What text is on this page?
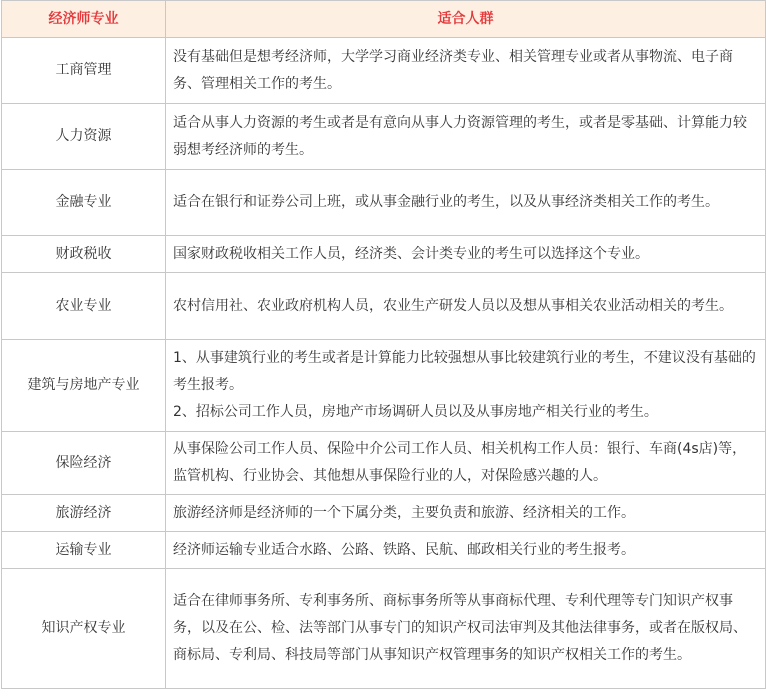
经济师专业	适合人群
工商管理	没有基础但是想考经济师，大学学习商业经济类专业、相关管理专业或者从事物流、电子商务、管理相关工作的考生。

人力资源	适合从事人力资源的考生或者是有意向从事人力资源管理的考生，或者是零基础、计算能力较弱想考经济师的考生。

金融专业	适合在银行和证券公司上班，或从事金融行业的考生，以及从事经济类相关工作的考生。

财政税收	国家财政税收相关工作人员，经济类、会计类专业的考生可以选择这个专业。

农业专业	农村信用社、农业政府机构人员，农业生产研发人员以及想从事相关农业活动相关的考生。

建筑与房地产专业	1、从事建筑行业的考生或者是计算能力比较强想从事比较建筑行业的考生，不建议没有基础的考生报考。
2、招标公司工作人员，房地产市场调研人员以及从事房地产相关行业的考生。

保险经济	从事保险公司工作人员、保险中介公司工作人员、相关机构工作人员：银行、车商(4s店)等，监管机构、行业协会、其他想从事保险行业的人，对保险感兴趣的人。

旅游经济	旅游经济师是经济师的一个下属分类，主要负责和旅游、经济相关的工作。

运输专业	经济师运输专业适合水路、公路、铁路、民航、邮政相关行业的考生报考。

知识产权专业	适合在律师事务所、专利事务所、商标事务所等从事商标代理、专利代理等专门知识产权事务，以及在公、检、法等部门从事专门的知识产权司法审判及其他法律事务，或者在版权局、商标局、专利局、科技局等部门从事知识产权管理事务的知识产权相关工作的考生。
